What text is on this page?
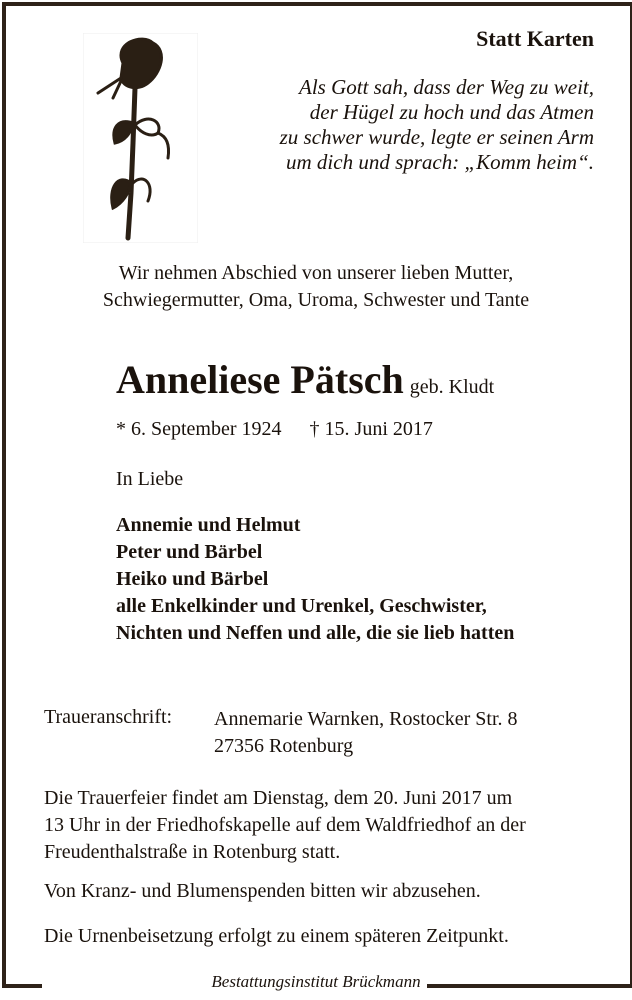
Statt Karten
Als Gott sah, dass der Weg zu weit,
der Hügel zu hoch und das Atmen
zu schwer wurde, legte er seinen Arm
um dich und sprach: „Komm heim“.
Wir nehmen Abschied von unserer lieben Mutter,
Schwiegermutter, Oma, Uroma, Schwester und Tante
Anneliese Pätsch geb. Kludt
* 6. September 1924 † 15. Juni 2017
In Liebe
Annemie und Helmut
Peter und Bärbel
Heiko und Bärbel
alle Enkelkinder und Urenkel, Geschwister,
Nichten und Neffen und alle, die sie lieb hatten
Traueranschrift: Annemarie Warnken, Rostocker Str. 8
27356 Rotenburg
Die Trauerfeier findet am Dienstag, dem 20. Juni 2017 um
13 Uhr in der Friedhofskapelle auf dem Waldfriedhof an der
Freudenthalstraße in Rotenburg statt.
Von Kranz- und Blumenspenden bitten wir abzusehen.
Die Urnenbeisetzung erfolgt zu einem späteren Zeitpunkt.
Bestattungsinstitut Brückmann
